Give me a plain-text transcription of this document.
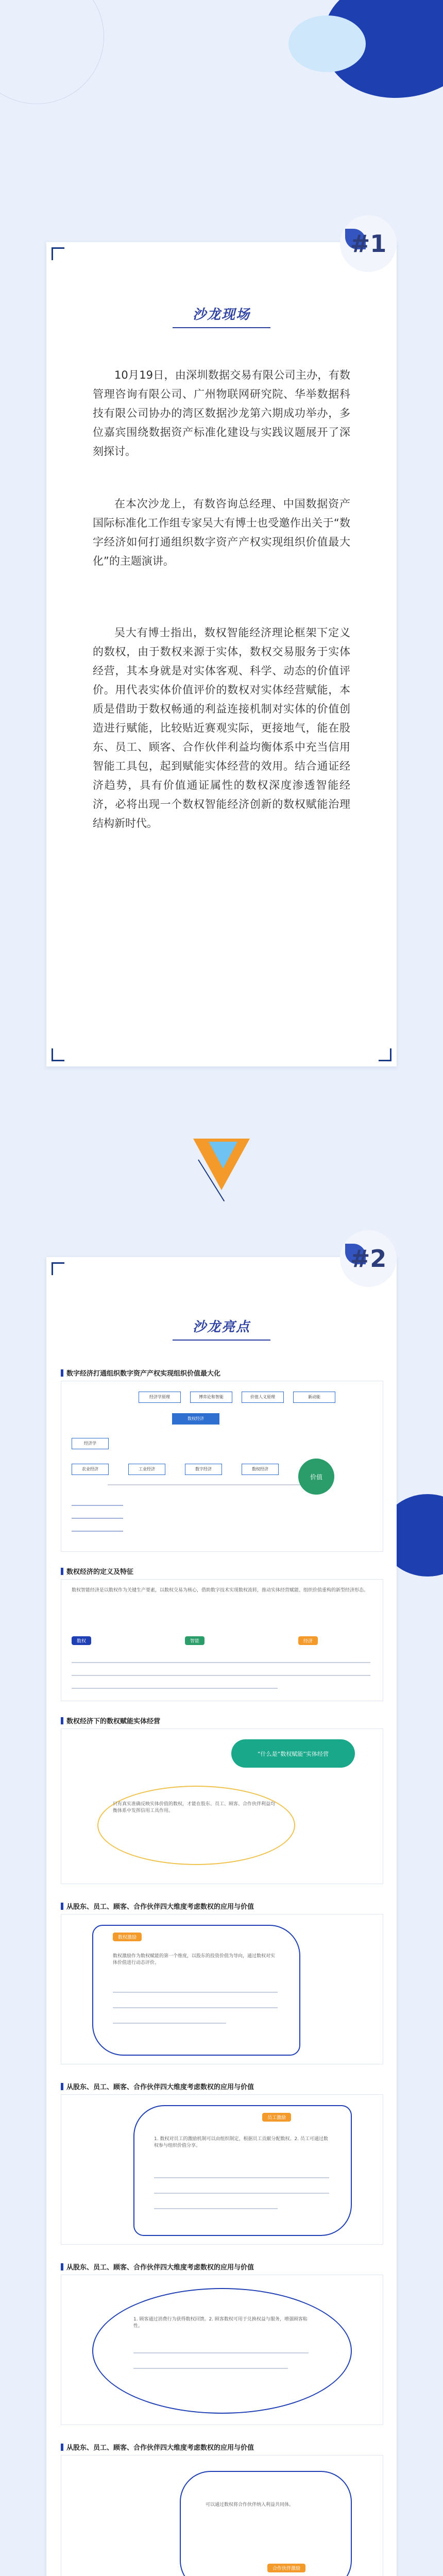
#1
沙龙现场

10月19日，由深圳数据交易有限公司主办，有数管理咨询有限公司、广州物联网研究院、华举数据科技有限公司协办的湾区数据沙龙第六期成功举办，多位嘉宾围绕数据资产标准化建设与实践议题展开了深刻探讨。

在本次沙龙上，有数咨询总经理、中国数据资产国际标准化工作组专家吴大有博士也受邀作出关于“数字经济如何打通组织数字资产产权实现组织价值最大化”的主题演讲。

吴大有博士指出，数权智能经济理论框架下定义的数权，由于数权来源于实体，数权交易服务于实体经营，其本身就是对实体客观、科学、动态的价值评价。用代表实体价值评价的数权对实体经营赋能，本质是借助于数权畅通的利益连接机制对实体的价值创造进行赋能，比较贴近赛观实际，更接地气，能在股东、员工、顾客、合作伙伴利益均衡体系中充当信用智能工具包，起到赋能实体经营的效用。结合通证经济趋势，具有价值通证属性的数权深度渗透智能经济，必将出现一个数权智能经济创新的数权赋能治理结构新时代。

#2
沙龙亮点
数字经济打通组织数字资产产权实现组织价值最大化
经济学原理	博弈论和智能	价值人义原理	新动能
数权经济
经济学
农业经济	工业经济	数字经济	数权经济
价值
数权经济的定义及特征
数权智能经济是以数权作为关键生产要素，以数权交易为核心，借助数字技术实现数权流转，推动实体经营赋能、组织价值重构的新型经济形态。
数权	智能	经济
数权经济下的数权赋能实体经营
“什么是“数权赋能”实体经营
只有真实准确反映实体价值的数权，才能在股东、员工、顾客、合作伙伴利益均衡体系中发挥信用工具作用。
从股东、员工、顾客、合作伙伴四大维度考虑数权的应用与价值
数权激励
数权激励作为数权赋能的第一个维度，以股东的投资价值为导向，通过数权对实体价值进行动态评价。
从股东、员工、顾客、合作伙伴四大维度考虑数权的应用与价值
员工激励
1. 数权对员工的激励机制可以由组织制定，根据员工贡献分配数权。2. 员工可通过数权参与组织价值分享。
从股东、员工、顾客、合作伙伴四大维度考虑数权的应用与价值
1. 顾客通过消费行为获得数权回馈。2. 顾客数权可用于兑换权益与服务，增强顾客粘性。
从股东、员工、顾客、合作伙伴四大维度考虑数权的应用与价值
可以通过数权将合作伙伴纳入利益共同体。
合作伙伴激励
